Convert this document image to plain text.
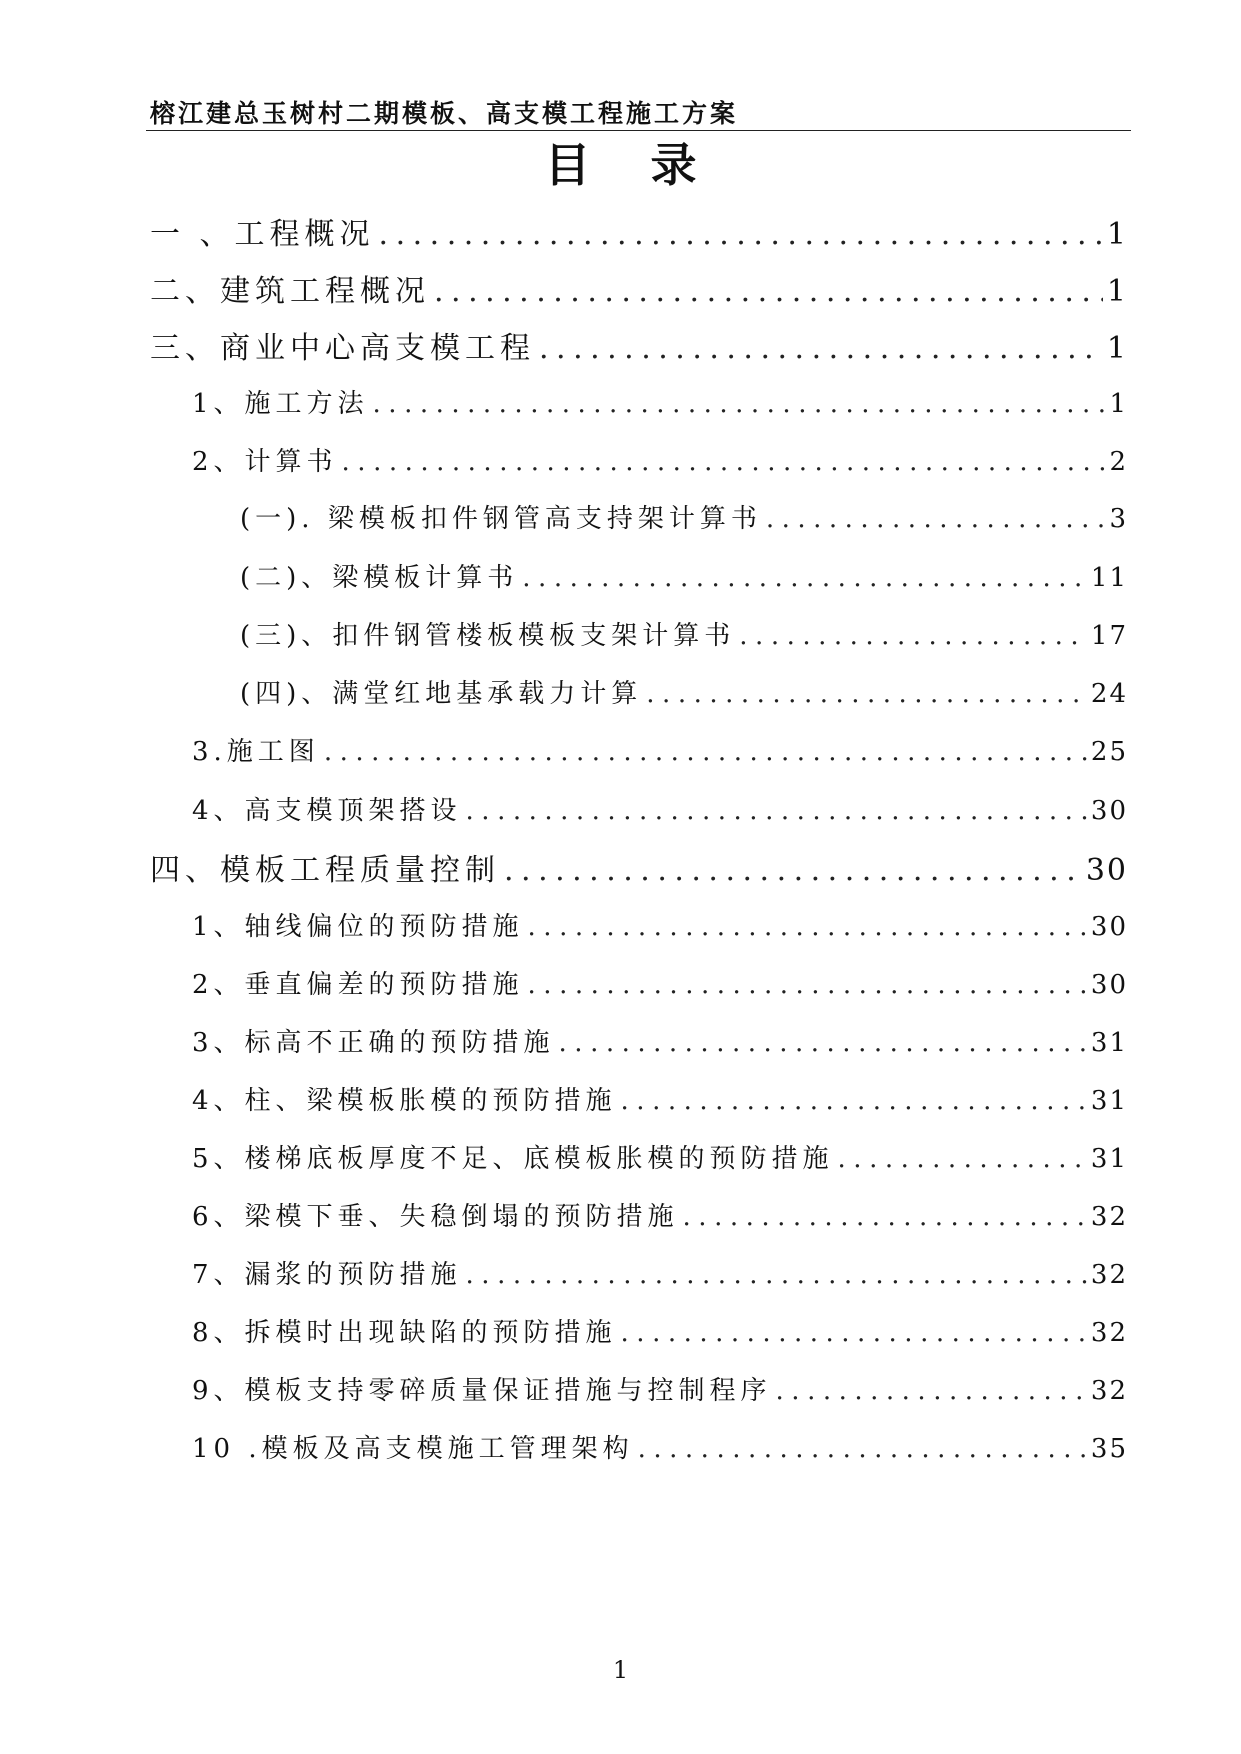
榕江建总玉树村二期模板、高支模工程施工方案
目录
一 、工程概况 .....	1
二、建筑工程概况 .....	1
三、商业中心高支模工程 .....	1
1、施工方法 .....	1
2、计算书 .....	2
(一). 梁模板扣件钢管高支持架计算书 .....	3
(二)、梁模板计算书 .....	11
(三)、扣件钢管楼板模板支架计算书 .....	17
(四)、满堂红地基承载力计算 .....	24
3.施工图 .....	25
4、高支模顶架搭设 .....	30
四、模板工程质量控制 .....	30
1、轴线偏位的预防措施 .....	30
2、垂直偏差的预防措施 .....	30
3、标高不正确的预防措施 .....	31
4、柱、梁模板胀模的预防措施 .....	31
5、楼梯底板厚度不足、底模板胀模的预防措施 .....	31
6、梁模下垂、失稳倒塌的预防措施 .....	32
7、漏浆的预防措施 .....	32
8、拆模时出现缺陷的预防措施 .....	32
9、模板支持零碎质量保证措施与控制程序 .....	32
10 .模板及高支模施工管理架构 .....	35
1
